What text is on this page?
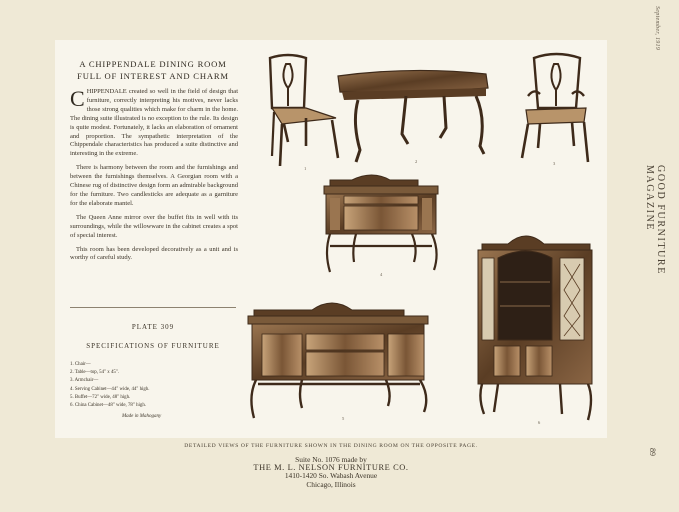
September, 1919
GOOD FURNITURE MAGAZINE
89
A CHIPPENDALE DINING ROOM
FULL OF INTEREST AND CHARM

CHIPPENDALE created so well in the field of design that furniture, correctly interpreting his motives, never lacks those strong qualities which make for charm in the home. The dining suite illustrated is no exception to the rule. Its design is quite modest. Fortunately, it lacks an elaboration of ornament and proportion. The sympathetic interpretation of the Chippendale characteristics has produced a suite distinctive and interesting in the extreme.

There is harmony between the room and the furnishings and between the furnishings themselves. A Georgian room with a Chinese rug of distinctive design form an admirable background for the furniture. Two candlesticks are adequate as a garniture for the elaborate mantel.

The Queen Anne mirror over the buffet fits in well with its surroundings, while the willowware in the cabinet creates a spot of special interest.

This room has been developed decoratively as a unit and is worthy of careful study.

PLATE 309
SPECIFICATIONS OF FURNITURE
1. Chair—
2. Table—top, 54" x 45".
3. Armchair—
4. Serving Cabinet—44" wide, 44" high.
5. Buffet—72" wide, 48" high.
6. China Cabinet—48" wide, 78" high.
Made in Mahogany
1
2	3
4
5
6
DETAILED VIEWS OF THE FURNITURE SHOWN IN THE DINING ROOM ON THE OPPOSITE PAGE.
Suite No. 1076 made by
THE M. L. NELSON FURNITURE CO.
1410-1420 So. Wabash Avenue
Chicago, Illinois
